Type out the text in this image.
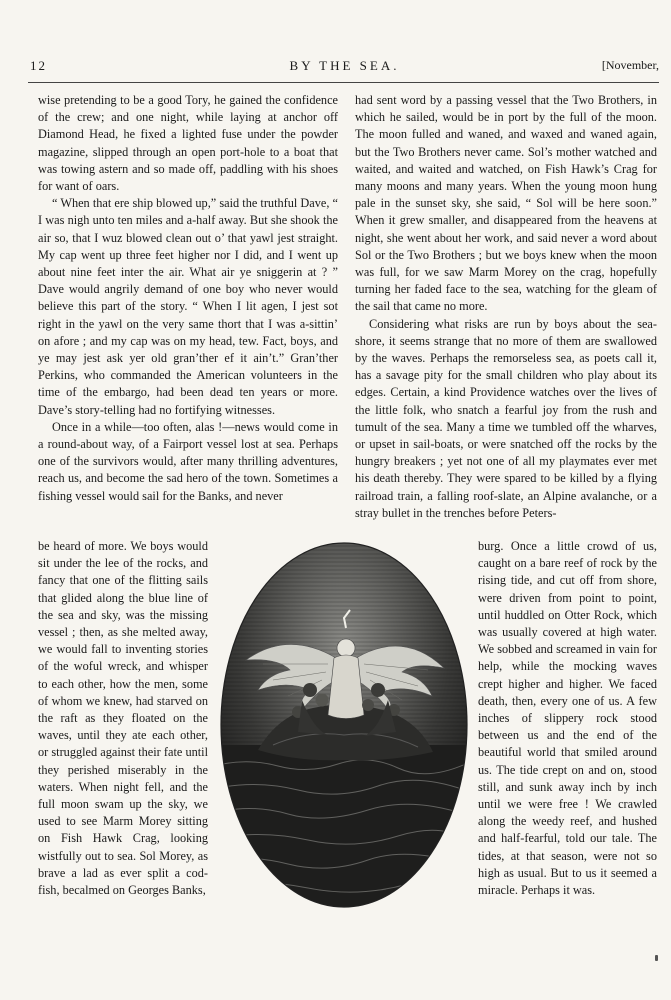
12	BY THE SEA.	[November,

wise pretending to be a good Tory, he gained the confidence of the crew; and one night, while laying at anchor off Diamond Head, he fixed a lighted fuse under the powder magazine, slipped through an open port-hole to a boat that was towing astern and so made off, paddling with his shoes for want of oars.

“ When that ere ship blowed up,” said the truthful Dave, “ I was nigh unto ten miles and a-half away. But she shook the air so, that I wuz blowed clean out o’ that yawl jest straight. My cap went up three feet higher nor I did, and I went up about nine feet inter the air. What air ye sniggerin at ? ” Dave would angrily demand of one boy who never would believe this part of the story. “ When I lit agen, I jest sot right in the yawl on the very same thort that I was a-sittin’ on afore ; and my cap was on my head, tew. Fact, boys, and ye may jest ask yer old gran’ther ef it ain’t.” Gran’ther Perkins, who commanded the American volunteers in the time of the embargo, had been dead ten years or more. Dave’s story-telling had no fortifying witnesses.

Once in a while—too often, alas !—news would come in a round-about way, of a Fairport vessel lost at sea. Perhaps one of the survivors would, after many thrilling adventures, reach us, and become the sad hero of the town. Sometimes a fishing vessel would sail for the Banks, and never

had sent word by a passing vessel that the Two Brothers, in which he sailed, would be in port by the full of the moon. The moon fulled and waned, and waxed and waned again, but the Two Brothers never came. Sol’s mother watched and waited, and waited and watched, on Fish Hawk’s Crag for many moons and many years. When the young moon hung pale in the sunset sky, she said, “ Sol will be here soon.” When it grew smaller, and disappeared from the heavens at night, she went about her work, and said never a word about Sol or the Two Brothers ; but we boys knew when the moon was full, for we saw Marm Morey on the crag, hopefully turning her faded face to the sea, watching for the gleam of the sail that came no more.

Considering what risks are run by boys about the sea-shore, it seems strange that no more of them are swallowed by the waves. Perhaps the remorseless sea, as poets call it, has a savage pity for the small children who play about its edges. Certain, a kind Providence watches over the lives of the little folk, who snatch a fearful joy from the rush and tumult of the sea. Many a time we tumbled off the wharves, or upset in sail-boats, or were snatched off the rocks by the hungry breakers ; yet not one of all my playmates ever met his death thereby. They were spared to be killed by a flying railroad train, a falling roof-slate, an Alpine avalanche, or a stray bullet in the trenches before Peters-

be heard of more. We boys would sit under the lee of the rocks, and fancy that one of the flitting sails that glided along the blue line of the sea and sky, was the missing vessel ; then, as she melted away, we would fall to inventing stories of the woful wreck, and whisper to each other, how the men, some of whom we knew, had starved on the raft as they floated on the waves, until they ate each other, or struggled against their fate until they perished miserably in the waters. When night fell, and the full moon swam up the sky, we used to see Marm Morey sitting on Fish Hawk Crag, looking wistfully out to sea. Sol Morey, as brave a lad as ever split a cod-fish, becalmed on Georges Banks,

burg. Once a little crowd of us, caught on a bare reef of rock by the rising tide, and cut off from shore, were driven from point to point, until huddled on Otter Rock, which was usually covered at high water. We sobbed and screamed in vain for help, while the mocking waves crept higher and higher. We faced death, then, every one of us. A few inches of slippery rock stood between us and the end of the beautiful world that smiled around us. The tide crept on and on, stood still, and sunk away inch by inch until we were free ! We crawled along the weedy reef, and hushed and half-fearful, told our tale. The tides, at that season, were not so high as usual. But to us it seemed a miracle. Perhaps it was.
